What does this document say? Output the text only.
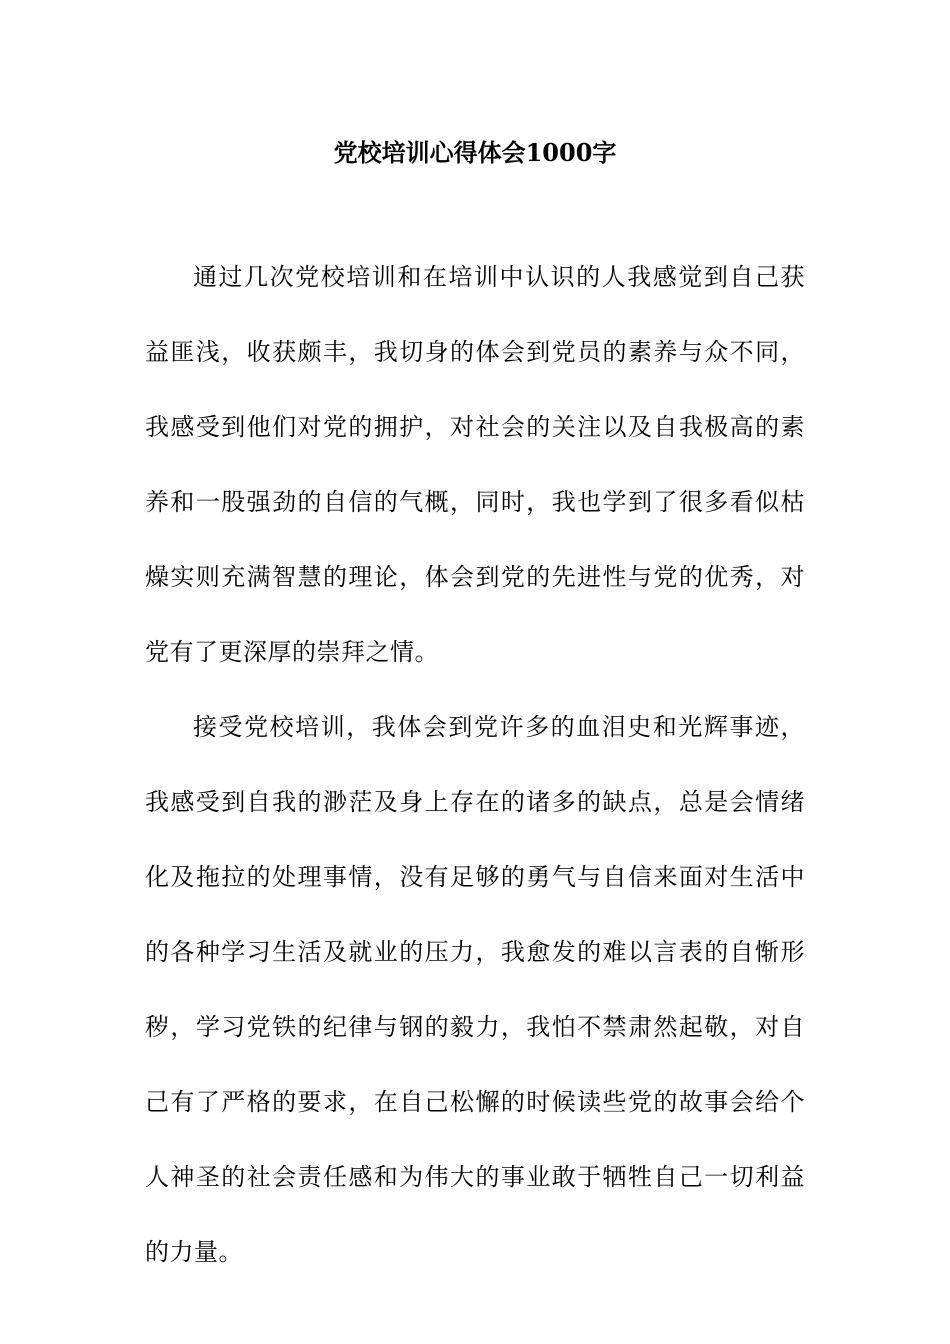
党校培训心得体会1000字

通过几次党校培训和在培训中认识的人我感觉到自己获益匪浅，收获颇丰，我切身的体会到党员的素养与众不同，我感受到他们对党的拥护，对社会的关注以及自我极高的素养和一股强劲的自信的气概，同时，我也学到了很多看似枯燥实则充满智慧的理论，体会到党的先进性与党的优秀，对党有了更深厚的崇拜之情。

接受党校培训，我体会到党许多的血泪史和光辉事迹，我感受到自我的渺茫及身上存在的诸多的缺点，总是会情绪化及拖拉的处理事情，没有足够的勇气与自信来面对生活中的各种学习生活及就业的压力，我愈发的难以言表的自惭形秽，学习党铁的纪律与钢的毅力，我怕不禁肃然起敬，对自己有了严格的要求，在自己松懈的时候读些党的故事会给个人神圣的社会责任感和为伟大的事业敢于牺牲自己一切利益的力量。
